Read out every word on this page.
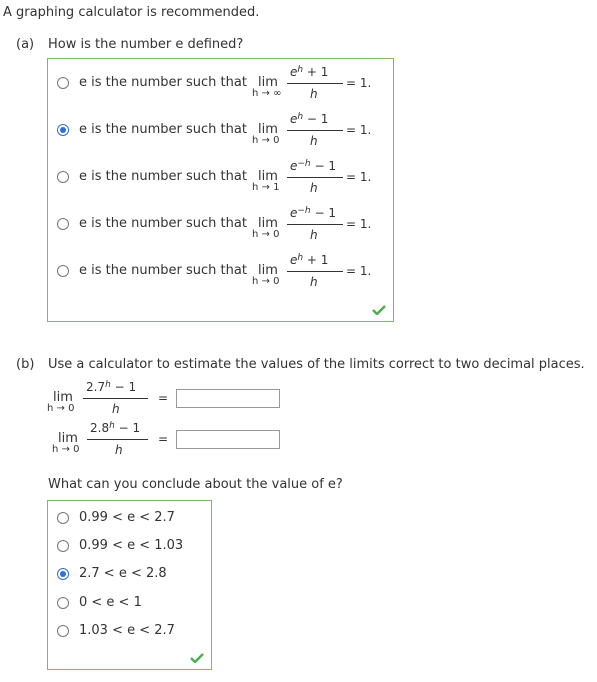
A graphing calculator is recommended.
(a) How is the number e defined?
e is the number such that lim
h → ∞
$e^h + 1$
h
= 1.
e is the number such that lim
h → 0
$e^h - 1$
h
= 1.
e is the number such that lim
h → 1
$e^{-h} - 1$
h
= 1.
e is the number such that lim
h → 0
$e^{-h} - 1$
h
= 1.
e is the number such that lim
h → 0
$e^h + 1$
h
= 1.
(b) Use a calculator to estimate the values of the limits correct to two decimal places.
lim
h → 0
2.7$^h$ − 1
h
=
lim
h → 0
2.8$^h$ − 1
h
=
What can you conclude about the value of e?
0.99 < e < 2.7
0.99 < e < 1.03
2.7 < e < 2.8
0 < e < 1
1.03 < e < 2.7
